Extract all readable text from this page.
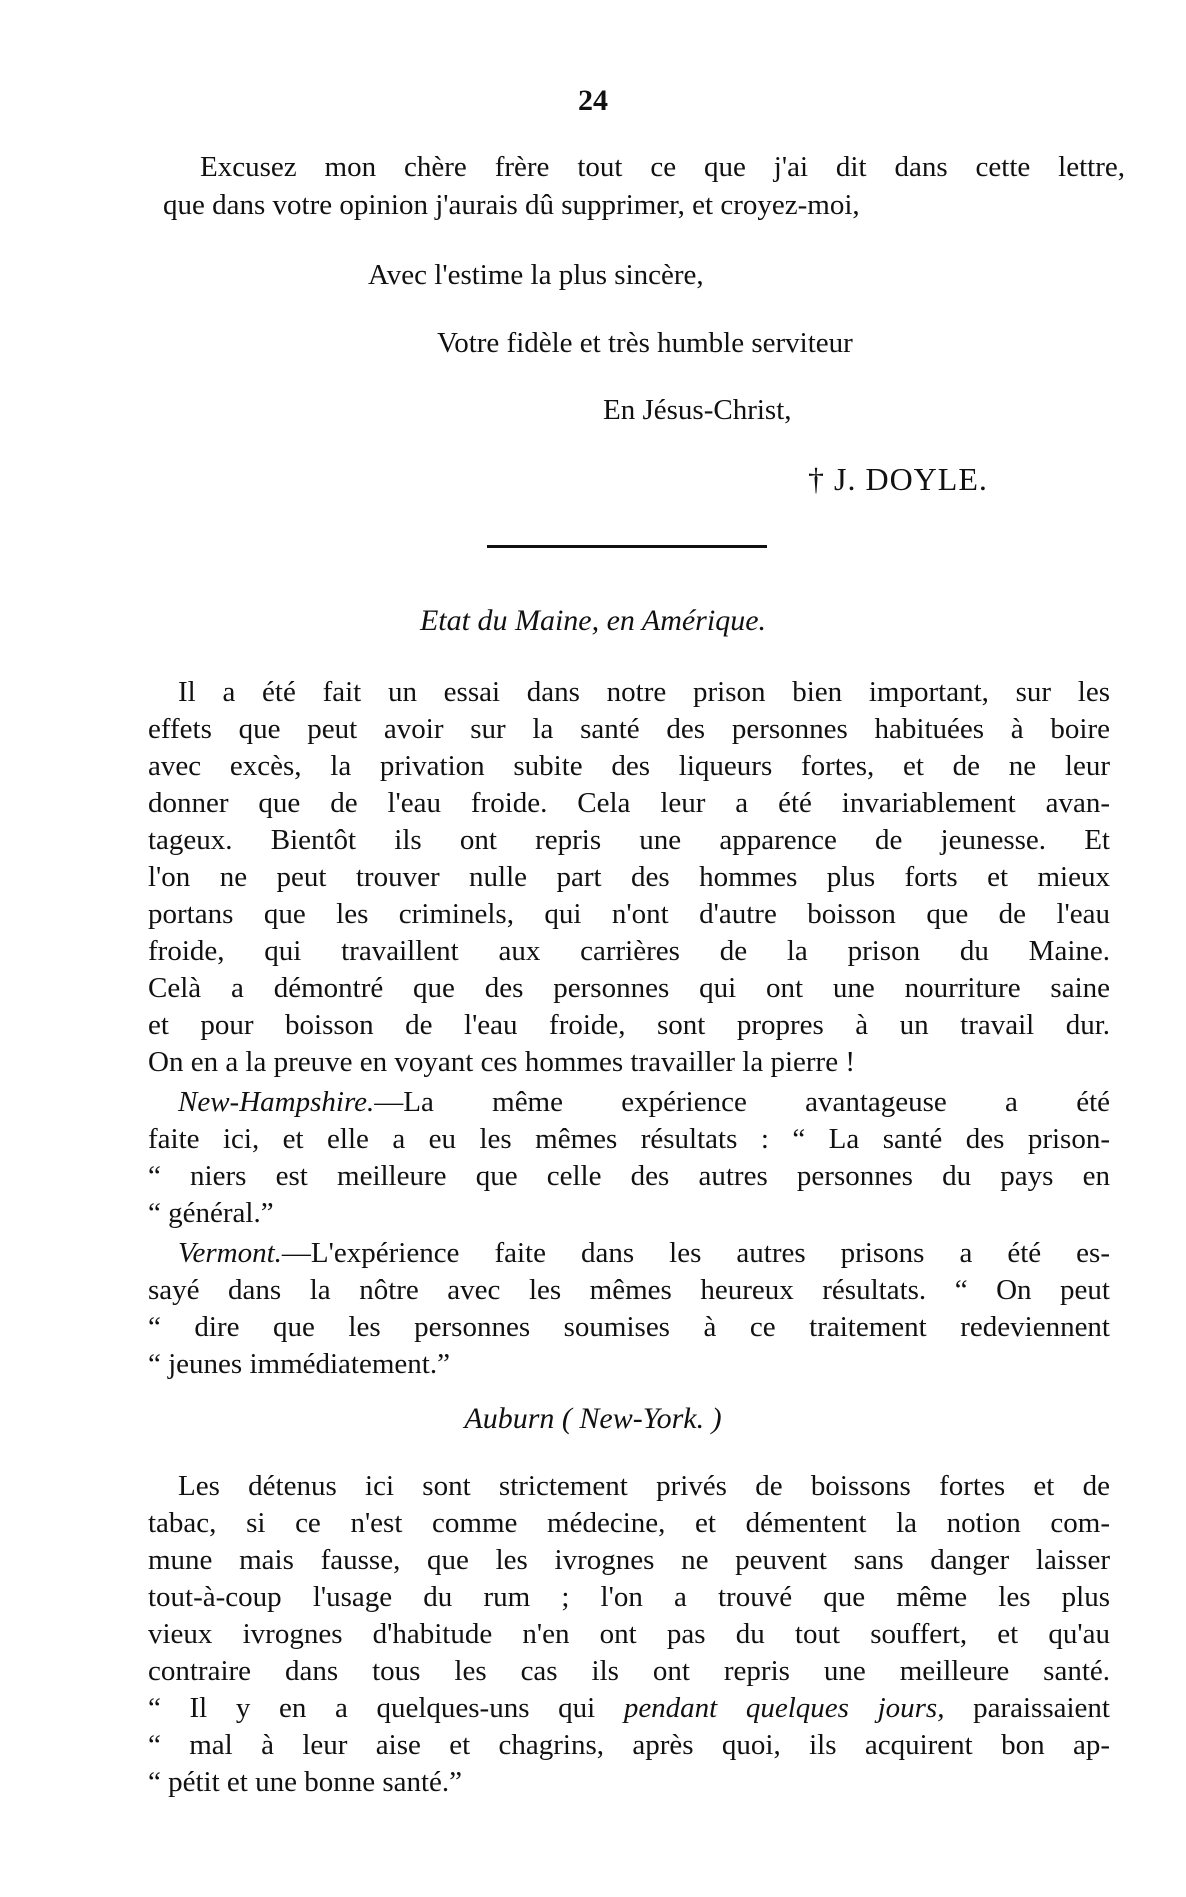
24
Excusez mon chère frère tout ce que j'ai dit dans cette lettre,
que dans votre opinion j'aurais dû supprimer, et croyez-moi,
Avec l'estime la plus sincère,
Votre fidèle et très humble serviteur
En Jésus-Christ,
† J. DOYLE.
Etat du Maine, en Amérique.
Il a été fait un essai dans notre prison bien important, sur les
effets que peut avoir sur la santé des personnes habituées à boire
avec excès, la privation subite des liqueurs fortes, et de ne leur
donner que de l'eau froide. Cela leur a été invariablement avan-
tageux. Bientôt ils ont repris une apparence de jeunesse. Et
l'on ne peut trouver nulle part des hommes plus forts et mieux
portans que les criminels, qui n'ont d'autre boisson que de l'eau
froide, qui travaillent aux carrières de la prison du Maine.
Celà a démontré que des personnes qui ont une nourriture saine
et pour boisson de l'eau froide, sont propres à un travail dur.
On en a la preuve en voyant ces hommes travailler la pierre !
New-Hampshire.—La même expérience avantageuse a été
faite ici, et elle a eu les mêmes résultats : “ La santé des prison-
“ niers est meilleure que celle des autres personnes du pays en
“ général.”
Vermont.—L'expérience faite dans les autres prisons a été es-
sayé dans la nôtre avec les mêmes heureux résultats. “ On peut
“ dire que les personnes soumises à ce traitement redeviennent
“ jeunes immédiatement.”
Auburn ( New-York. )
Les détenus ici sont strictement privés de boissons fortes et de
tabac, si ce n'est comme médecine, et démentent la notion com-
mune mais fausse, que les ivrognes ne peuvent sans danger laisser
tout-à-coup l'usage du rum ; l'on a trouvé que même les plus
vieux ivrognes d'habitude n'en ont pas du tout souffert, et qu'au
contraire dans tous les cas ils ont repris une meilleure santé.
“ Il y en a quelques-uns qui pendant quelques jours, paraissaient
“ mal à leur aise et chagrins, après quoi, ils acquirent bon ap-
“ pétit et une bonne santé.”
